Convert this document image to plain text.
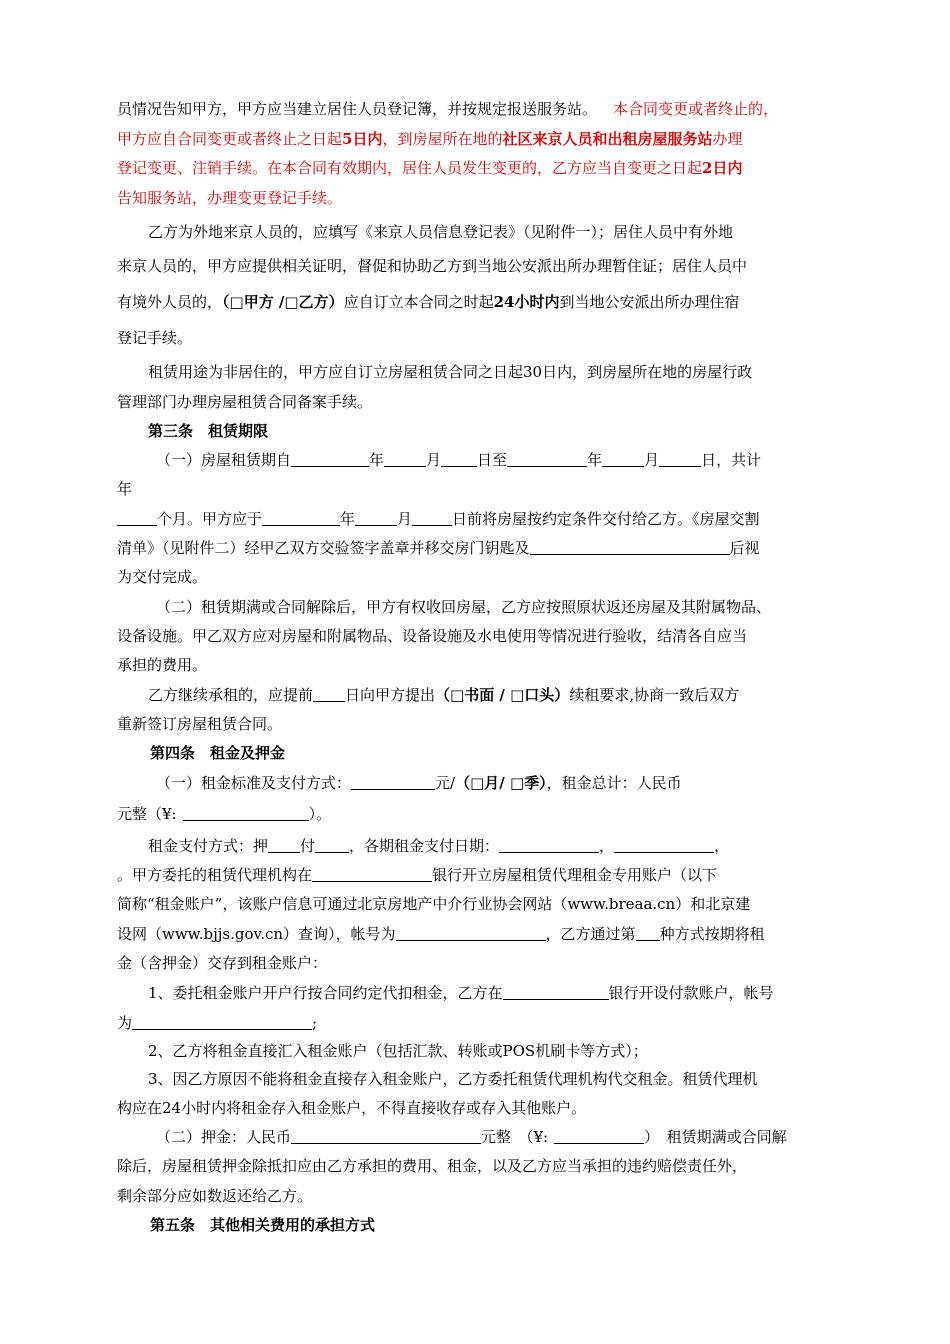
员情况告知甲方，甲方应当建立居住人员登记簿，并按规定报送服务站。 本合同变更或者终止的，
甲方应自合同变更或者终止之日起5日内，到房屋所在地的社区来京人员和出租房屋服务站办理
登记变更、注销手续。在本合同有效期内，居住人员发生变更的，乙方应当自变更之日起2日内
告知服务站，办理变更登记手续。
乙方为外地来京人员的，应填写《来京人员信息登记表》（见附件一）；居住人员中有外地
来京人员的，甲方应提供相关证明，督促和协助乙方到当地公安派出所办理暂住证；居住人员中
有境外人员的，（□甲方 /□乙方）应自订立本合同之时起24小时内到当地公安派出所办理住宿
登记手续。
租赁用途为非居住的，甲方应自订立房屋租赁合同之日起30日内，到房屋所在地的房屋行政
管理部门办理房屋租赁合同备案手续。
第三条　租赁期限
（一）房屋租赁期自	年	月 日至	年	月	日，共计
年
个月。甲方应于	年	月	日前将房屋按约定条件交付给乙方。《房屋交割
清单》（见附件二）经甲乙双方交验签字盖章并移交房门钥匙及	后视
为交付完成。
（二）租赁期满或合同解除后，甲方有权收回房屋，乙方应按照原状返还房屋及其附属物品、
设备设施。甲乙双方应对房屋和附属物品、设备设施及水电使用等情况进行验收，结清各自应当
承担的费用。
乙方继续承租的，应提前 日向甲方提出（□书面 / □口头）续租要求,协商一致后双方
重新签订房屋租赁合同。
第四条　租金及押金
（一）租金标准及支付方式：	元/（□月/ □季），租金总计：人民币
元整（¥:	）。
租金支付方式：押 付 ，各期租金支付日期：	，	，
。甲方委托的租赁代理机构在	银行开立房屋租赁代理租金专用账户（以下
简称“租金账户”，该账户信息可通过北京房地产中介行业协会网站（www.breaa.cn）和北京建
设网（www.bjjs.gov.cn）查询），帐号为	，乙方通过第 种方式按期将租
金（含押金）交存到租金账户：
1、委托租金账户开户行按合同约定代扣租金，乙方在	银行开设付款账户，帐号
为	;
2、乙方将租金直接汇入租金账户（包括汇款、转账或POS机刷卡等方式）；
3、因乙方原因不能将租金直接存入租金账户，乙方委托租赁代理机构代交租金。租赁代理机
构应在24小时内将租金存入租金账户，不得直接收存或存入其他账户。
（二）押金：人民币	元整　（¥:	）　租赁期满或合同解
除后，房屋租赁押金除抵扣应由乙方承担的费用、租金，以及乙方应当承担的违约赔偿责任外，
剩余部分应如数返还给乙方。
第五条　其他相关费用的承担方式
